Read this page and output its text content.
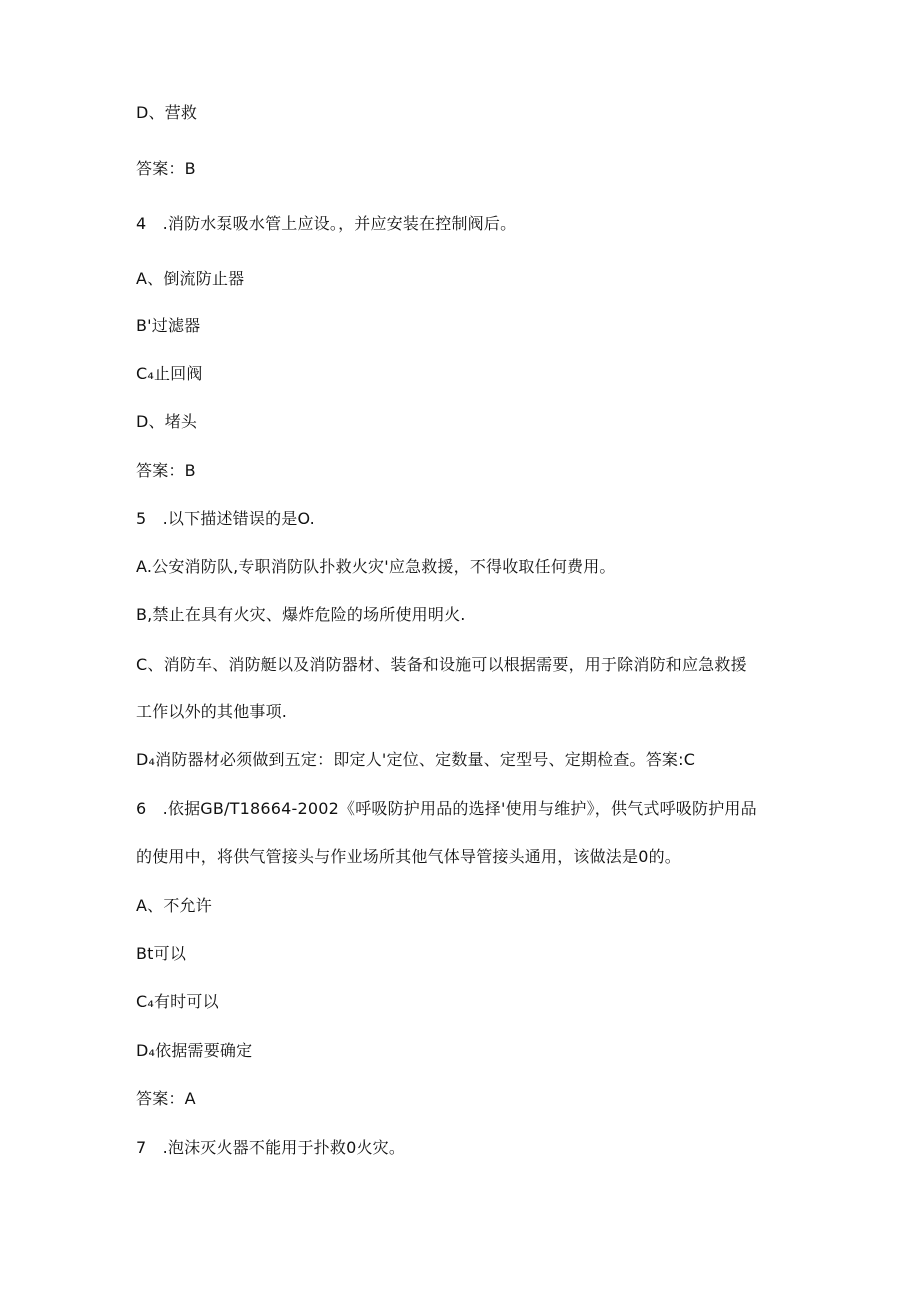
D、营救
答案：B
4　.消防水泵吸水管上应设。，并应安装在控制阀后。
A、倒流防止器
B'过滤器
C₄止回阀
D、堵头
答案：B
5　.以下描述错误的是O.
A.公安消防队,专职消防队扑救火灾'应急救援，不得收取任何费用。
B,禁止在具有火灾、爆炸危险的场所使用明火.
C、消防车、消防艇以及消防器材、装备和设施可以根据需要，用于除消防和应急救援
工作以外的其他事项.
D₄消防器材必须做到五定：即定人'定位、定数量、定型号、定期检查。答案:C
6　.依据GB/T18664-2002《呼吸防护用品的选择'使用与维护》，供气式呼吸防护用品
的使用中，将供气管接头与作业场所其他气体导管接头通用，该做法是0的。
A、不允许
Bt可以
C₄有时可以
D₄依据需要确定
答案：A
7　.泡沫灭火器不能用于扑救0火灾。
